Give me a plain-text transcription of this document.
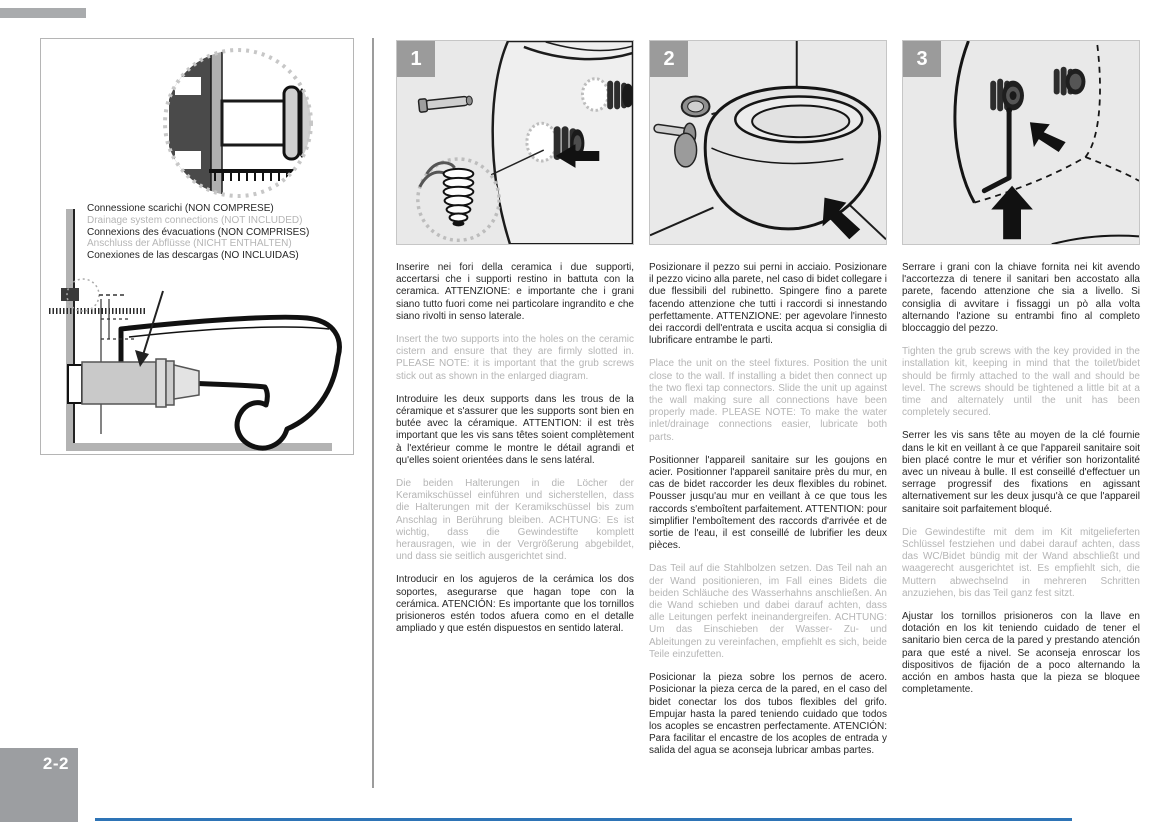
Connessione scarichi (NON COMPRESE)
Drainage system connections (NOT INCLUDED)
Connexions des évacuations (NON COMPRISES)
Anschluss der Abflüsse (NICHT ENTHALTEN)
Conexiones de las descargas (NO INCLUIDAS)
1

Inserire nei fori della ceramica i due supporti, accertarsi che i supporti restino in battuta con la ceramica. ATTENZIONE: e importante che i grani siano tutto fuori come nei particolare ingrandito e che siano rivolti in senso laterale.

Insert the two supports into the holes on the ceramic cistern and ensure that they are firmly slotted in. PLEASE NOTE: it is important that the grub screws stick out as shown in the enlarged diagram.

Introduire les deux supports dans les trous de la céramique et s'assurer que les supports sont bien en butée avec la céramique. ATTENTION: il est très important que les vis sans têtes soient complètement à l'extérieur comme le montre le détail agrandi et qu'elles soient orientées dans le sens latéral.

Die beiden Halterungen in die Löcher der Keramikschüssel einführen und sicherstellen, dass die Halterungen mit der Keramikschüssel bis zum Anschlag in Berührung bleiben. ACHTUNG: Es ist wichtig, dass die Gewindestifte komplett herausragen, wie in der Vergrößerung abgebildet, und dass sie seitlich ausgerichtet sind.

Introducir en los agujeros de la cerámica los dos soportes, asegurarse que hagan tope con la cerámica. ATENCIÓN: Es importante que los tornillos prisioneros estén todos afuera como en el detalle ampliado y que estén dispuestos en sentido lateral.

2

Posizionare il pezzo sui perni in acciaio. Posizionare il pezzo vicino alla parete, nel caso di bidet collegare i due flessibili del rubinetto. Spingere fino a parete facendo attenzione che tutti i raccordi si innestando perfettamente. ATTENZIONE: per agevolare l'innesto dei raccordi dell'entrata e uscita acqua si consiglia di lubrificare entrambe le parti.

Place the unit on the steel fixtures. Position the unit close to the wall. If installing a bidet then connect up the two flexi tap connectors. Slide the unit up against the wall making sure all connections have been properly made. PLEASE NOTE: To make the water inlet/drainage connections easier, lubricate both parts.

Positionner l'appareil sanitaire sur les goujons en acier. Positionner l'appareil sanitaire près du mur, en cas de bidet raccorder les deux flexibles du robinet. Pousser jusqu'au mur en veillant à ce que tous les raccords s'emboîtent parfaitement. ATTENTION: pour simplifier l'emboîtement des raccords d'arrivée et de sortie de l'eau, il est conseillé de lubrifier les deux pièces.

Das Teil auf die Stahlbolzen setzen. Das Teil nah an der Wand positionieren, im Fall eines Bidets die beiden Schläuche des Wasserhahns anschließen. An die Wand schieben und dabei darauf achten, dass alle Leitungen perfekt ineinandergreifen. ACHTUNG: Um das Einschieben der Wasser- Zu- und Ableitungen zu vereinfachen, empfiehlt es sich, beide Teile einzufetten.

Posicionar la pieza sobre los pernos de acero. Posicionar la pieza cerca de la pared, en el caso del bidet conectar los dos tubos flexibles del grifo. Empujar hasta la pared teniendo cuidado que todos los acoples se encastren perfectamente. ATENCIÓN: Para facilitar el encastre de los acoples de entrada y salida del agua se aconseja lubricar ambas partes.

3

Serrare i grani con la chiave fornita nei kit avendo l'accortezza di tenere il sanitari ben accostato alla parete, facendo attenzione che sia a livello. Si consiglia di avvitare i fissaggi un pò alla volta alternando l'azione su entrambi fino al completo bloccaggio del pezzo.

Tighten the grub screws with the key provided in the installation kit, keeping in mind that the toilet/bidet should be firmly attached to the wall and should be level. The screws should be tightened a little bit at a time and alternately until the unit has been completely secured.

Serrer les vis sans tête au moyen de la clé fournie dans le kit en veillant à ce que l'appareil sanitaire soit bien placé contre le mur et vérifier son horizontalité avec un niveau à bulle. Il est conseillé d'effectuer un serrage progressif des fixations en agissant alternativement sur les deux jusqu'à ce que l'appareil sanitaire soit parfaitement bloqué.

Die Gewindestifte mit dem im Kit mitgelieferten Schlüssel festziehen und dabei darauf achten, dass das WC/Bidet bündig mit der Wand abschließt und waagerecht ausgerichtet ist. Es empfiehlt sich, die Muttern abwechselnd in mehreren Schritten anzuziehen, bis das Teil ganz fest sitzt.

Ajustar los tornillos prisioneros con la llave en dotación en los kit teniendo cuidado de tener el sanitario bien cerca de la pared y prestando atención para que esté a nivel. Se aconseja enroscar los dispositivos de fijación de a poco alternando la acción en ambos hasta que la pieza se bloquee completamente.

2-2
